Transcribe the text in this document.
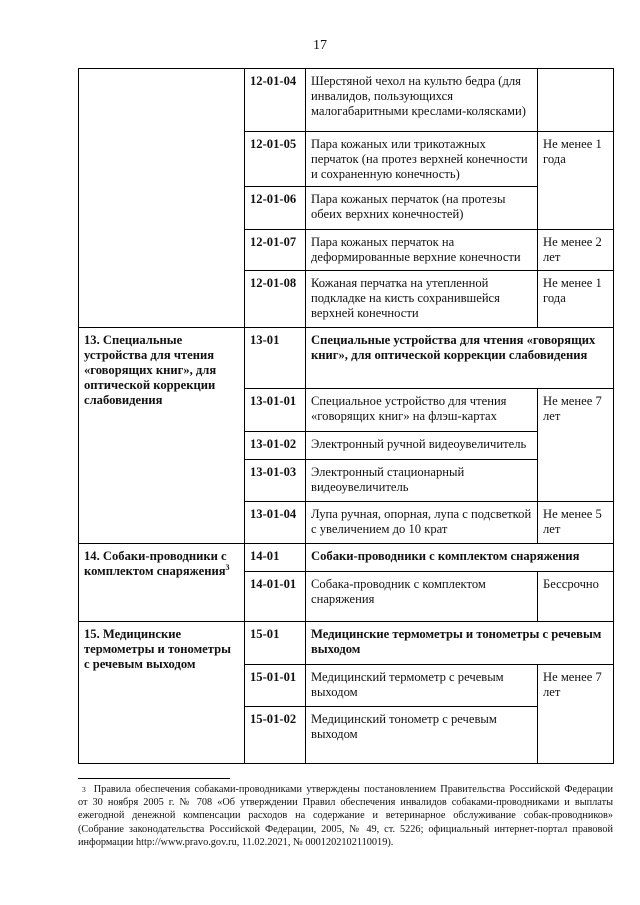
17
	12-01-04	Шерстяной чехол на культю бедра (для инвалидов, пользующихся малогабаритными креслами-колясками)	
	12-01-05	Пара кожаных или трикотажных перчаток (на протез верхней конечности и сохраненную конечность)	Не менее 1 года
	12-01-06	Пара кожаных перчаток (на протезы обеих верхних конечностей)	
	12-01-07	Пара кожаных перчаток на деформированные верхние конечности	Не менее 2 лет
	12-01-08	Кожаная перчатка на утепленной подкладке на кисть сохранившейся верхней конечности	Не менее 1 года
13. Специальные устройства для чтения «говорящих книг», для оптической коррекции слабовидения	13-01	Специальные устройства для чтения «говорящих книг», для оптической коррекции слабовидения	
	13-01-01	Специальное устройство для чтения «говорящих книг» на флэш-картах	Не менее 7 лет
	13-01-02	Электронный ручной видеоувеличитель	
	13-01-03	Электронный стационарный видеоувеличитель	
	13-01-04	Лупа ручная, опорная, лупа с подсветкой с увеличением до 10 крат	Не менее 5 лет
14. Собаки-проводники с комплектом снаряжения$^3$	14-01	Собаки-проводники с комплектом снаряжения	
	14-01-01	Собака-проводник с комплектом снаряжения	Бессрочно
15. Медицинские термометры и тонометры с речевым выходом	15-01	Медицинские термометры и тонометры с речевым выходом	
	15-01-01	Медицинский термометр с речевым выходом	Не менее 7 лет
	15-01-02	Медицинский тонометр с речевым выходом	
$^3$ Правила обеспечения собаками-проводниками утверждены постановлением Правительства Российской Федерации от 30 ноября 2005 г. № 708 «Об утверждении Правил обеспечения инвалидов собаками-проводниками и выплаты ежегодной денежной компенсации расходов на содержание и ветеринарное обслуживание собак-проводников» (Собрание законодательства Российской Федерации, 2005, № 49, ст. 5226; официальный интернет-портал правовой информации http://www.pravo.gov.ru, 11.02.2021, № 0001202102110019).
